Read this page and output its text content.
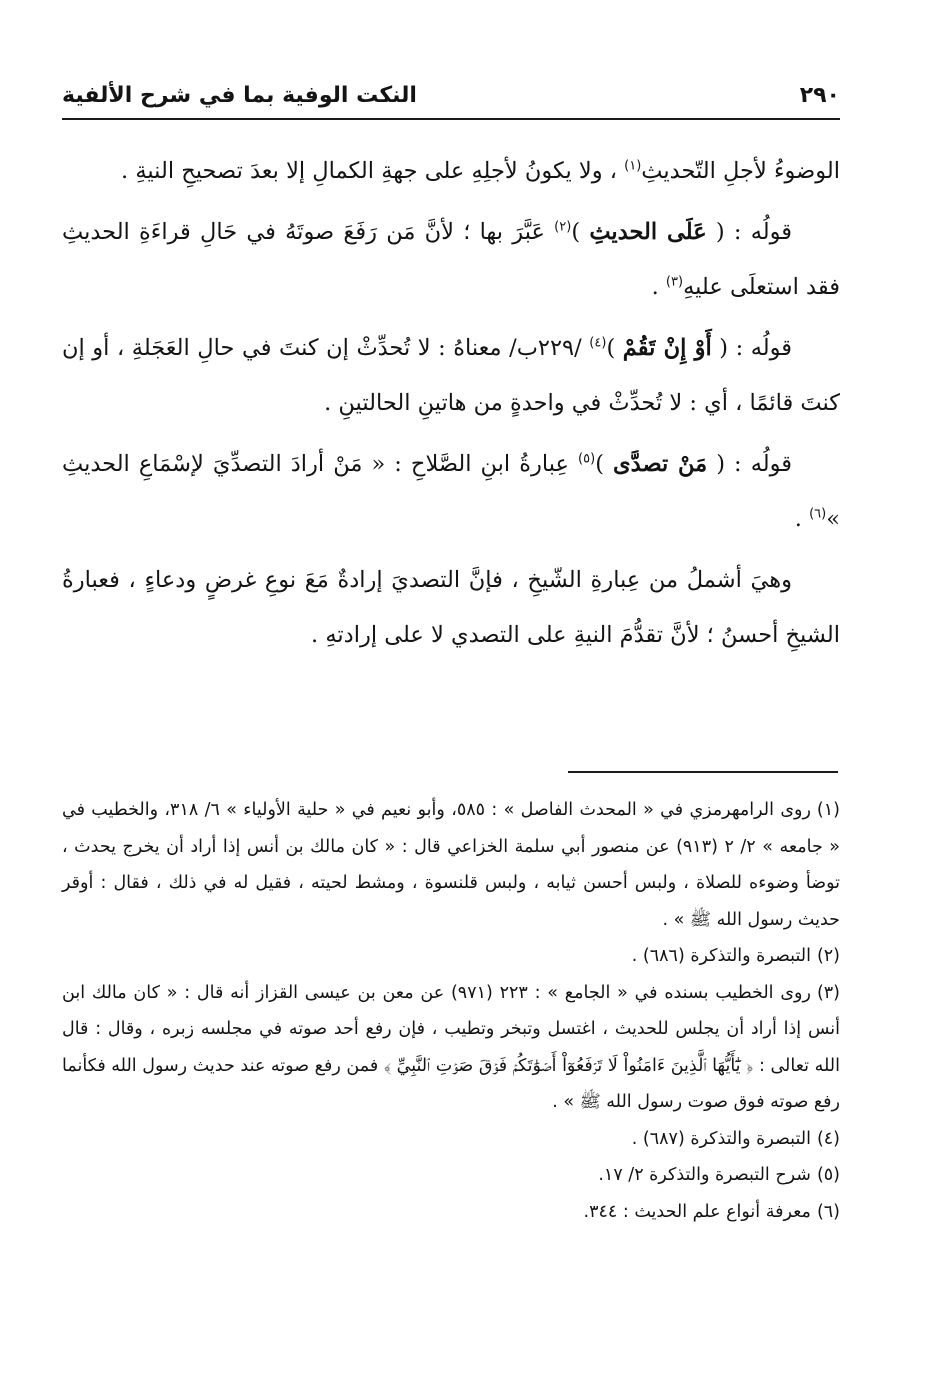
٢٩٠
النكت الوفية بما في شرح الألفية

الوضوءُ لأجلِ التّحديثِ$^{(١)}$ ، ولا يكونُ لأجلِهِ على جهةِ الكمالِ إلا بعدَ تصحيحِ النيةِ .

قولُه : ( عَلَى الحديثِ )$^{(٢)}$ عَبَّرَ بها ؛ لأنَّ مَن رَفَعَ صوتَهُ في حَالِ قراءَةِ الحديثِ فقد استعلَى عليهِ$^{(٣)}$ .

قولُه : ( أَوْ إِنْ تَقُمْ )$^{(٤)}$ /٢٢٩ب/ معناهُ : لا تُحدِّثْ إن كنتَ في حالِ العَجَلةِ ، أو إن كنتَ قائمًا ، أي : لا تُحدِّثْ في واحدةٍ من هاتينِ الحالتينِ .

قولُه : ( مَنْ تصدَّى )$^{(٥)}$ عِبارةُ ابنِ الصَّلاحِ : « مَنْ أرادَ التصدِّيَ لإسْمَاعِ الحديثِ »$^{(٦)}$ .

وهيَ أشملُ من عِبارةِ الشّيخِ ، فإنَّ التصديَ إرادةٌ مَعَ نوعِ غرضٍ ودعاءٍ ، فعبارةُ الشيخِ أحسنُ ؛ لأنَّ تقدُّمَ النيةِ على التصدي لا على إرادتهِ .

(١)روى الرامهرمزي في « المحدث الفاصل » : ٥٨٥، وأبو نعيم في « حلية الأولياء » ٦/ ٣١٨، والخطيب في « جامعه » ٢/ ٢ (٩١٣) عن منصور أبي سلمة الخزاعي قال : « كان مالك بن أنس إذا أراد أن يخرج يحدث ، توضأ وضوءه للصلاة ، ولبس أحسن ثيابه ، ولبس قلنسوة ، ومشط لحيته ، فقيل له في ذلك ، فقال : أوقر حديث رسول الله ﷺ » .

(٢)التبصرة والتذكرة (٦٨٦) .

(٣)روى الخطيب بسنده في « الجامع » : ٢٢٣ (٩٧١) عن معن بن عيسى القزاز أنه قال : « كان مالك ابن أنس إذا أراد أن يجلس للحديث ، اغتسل وتبخر وتطيب ، فإن رفع أحد صوته في مجلسه زبره ، وقال : قال الله تعالى : ﴿ يَٰٓأَيُّهَا ٱلَّذِينَ ءَامَنُواْ لَا تَرۡفَعُوٓاْ أَصۡوَٰتَكُمۡ فَوۡقَ صَوۡتِ ٱلنَّبِيِّ ﴾ فمن رفع صوته عند حديث رسول الله فكأنما رفع صوته فوق صوت رسول الله ﷺ » .

(٤)التبصرة والتذكرة (٦٨٧) .

(٥)شرح التبصرة والتذكرة ٢/ ١٧.

(٦)معرفة أنواع علم الحديث : ٣٤٤.
